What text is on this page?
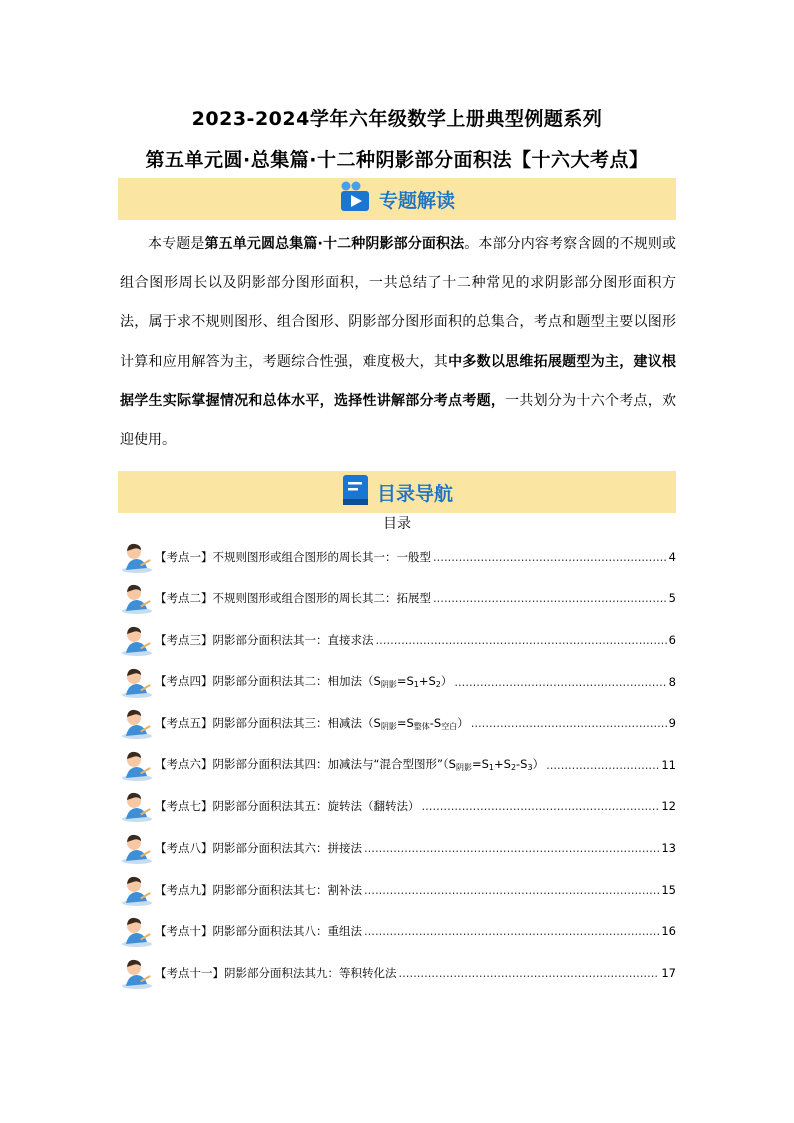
2023-2024学年六年级数学上册典型例题系列
第五单元圆·总集篇·十二种阴影部分面积法【十六大考点】
专题解读
本专题是第五单元圆总集篇·十二种阴影部分面积法。本部分内容考察含圆的不规则或组合图形周长以及阴影部分图形面积，一共总结了十二种常见的求阴影部分图形面积方法，属于求不规则图形、组合图形、阴影部分图形面积的总集合，考点和题型主要以图形计算和应用解答为主，考题综合性强，难度极大，其中多数以思维拓展题型为主，建议根据学生实际掌握情况和总体水平，选择性讲解部分考点考题，一共划分为十六个考点，欢迎使用。
目录导航
目录
【考点一】不规则图形或组合图形的周长其一：一般型 .....	4
【考点二】不规则图形或组合图形的周长其二：拓展型 .....	5
【考点三】阴影部分面积法其一：直接求法 .....	6
【考点四】阴影部分面积法其二：相加法$(S_{阴影}=S_1+S_2)$ .....	8
【考点五】阴影部分面积法其三：相减法$(S_{阴影}=S_{整体}-S_{空白})$ .....	9
【考点六】阴影部分面积法其四：加减法与“混合型图形$”(S_{阴影}=S_1+S_2-S_3)$ .....	11
【考点七】阴影部分面积法其五：旋转法（翻转法） .....	12
【考点八】阴影部分面积法其六：拼接法 .....	13
【考点九】阴影部分面积法其七：割补法 .....	15
【考点十】阴影部分面积法其八：重组法 .....	16
【考点十一】阴影部分面积法其九：等积转化法 .....	17
